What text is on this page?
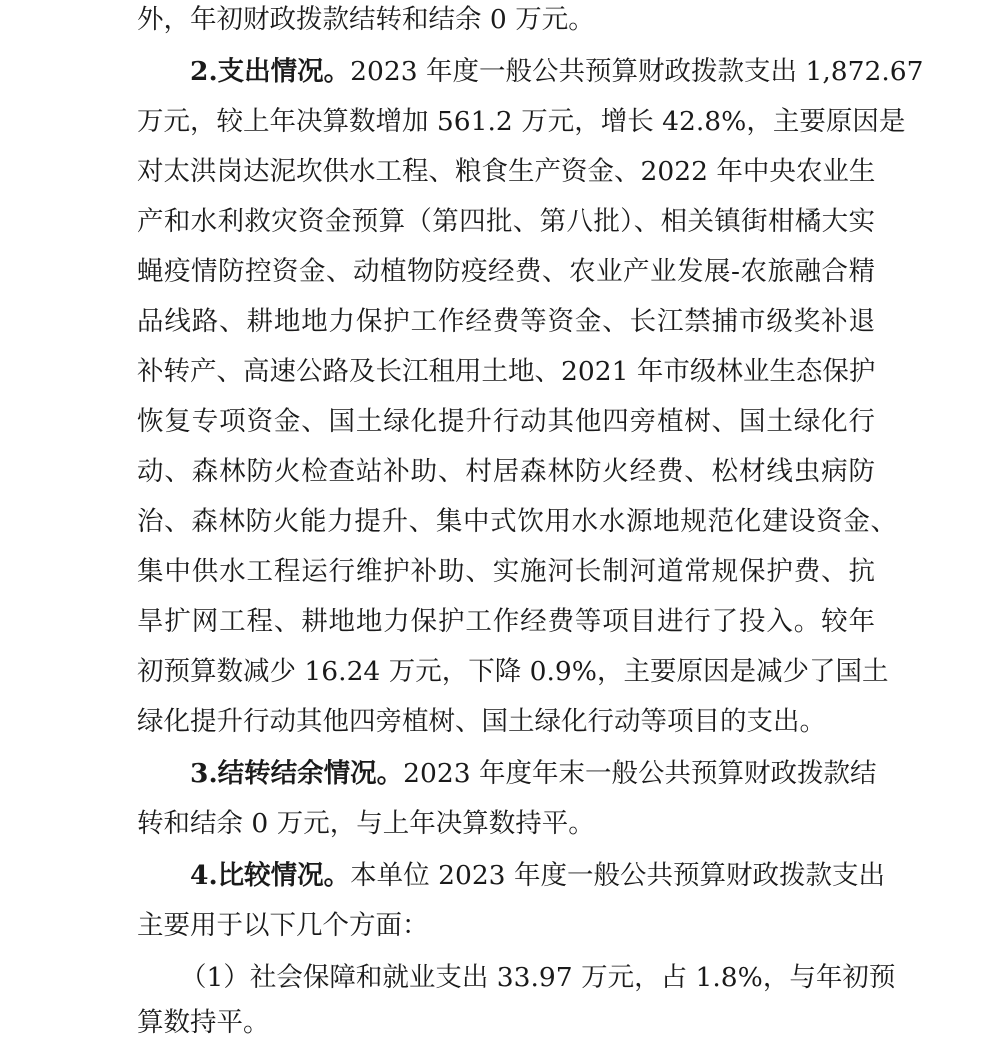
外，年初财政拨款结转和结余 0 万元。
2.支出情况。2023 年度一般公共预算财政拨款支出 1,872.67
万元，较上年决算数增加 561.2 万元，增长 42.8%，主要原因是
对太洪岗达泥坎供水工程、粮食生产资金、2022 年中央农业生
产和水利救灾资金预算（第四批、第八批）、相关镇街柑橘大实
蝇疫情防控资金、动植物防疫经费、农业产业发展-农旅融合精
品线路、耕地地力保护工作经费等资金、长江禁捕市级奖补退
补转产、高速公路及长江租用土地、2021 年市级林业生态保护
恢复专项资金、国土绿化提升行动其他四旁植树、国土绿化行
动、森林防火检查站补助、村居森林防火经费、松材线虫病防
治、森林防火能力提升、集中式饮用水水源地规范化建设资金、
集中供水工程运行维护补助、实施河长制河道常规保护费、抗
旱扩网工程、耕地地力保护工作经费等项目进行了投入。较年
初预算数减少 16.24 万元，下降 0.9%，主要原因是减少了国土
绿化提升行动其他四旁植树、国土绿化行动等项目的支出。
3.结转结余情况。2023 年度年末一般公共预算财政拨款结
转和结余 0 万元，与上年决算数持平。
4.比较情况。本单位 2023 年度一般公共预算财政拨款支出
主要用于以下几个方面：
（1）社会保障和就业支出 33.97 万元，占 1.8%，与年初预
算数持平。
